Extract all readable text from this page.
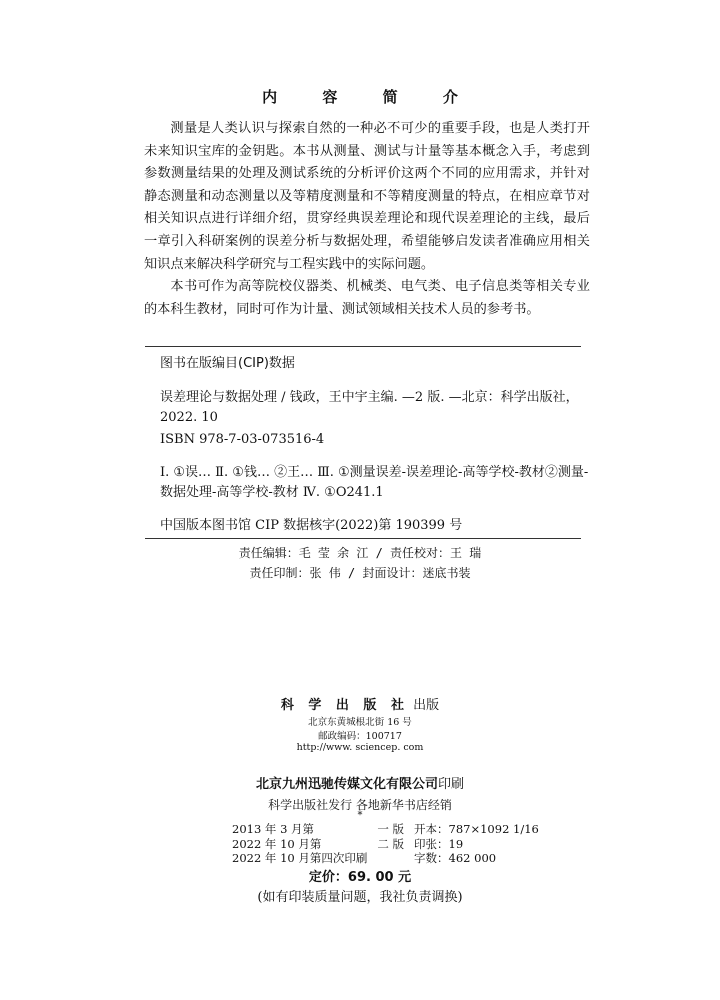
内 容 简 介

测量是人类认识与探索自然的一种必不可少的重要手段，也是人类打开未来知识宝库的金钥匙。本书从测量、测试与计量等基本概念入手，考虑到参数测量结果的处理及测试系统的分析评价这两个不同的应用需求，并针对静态测量和动态测量以及等精度测量和不等精度测量的特点，在相应章节对相关知识点进行详细介绍，贯穿经典误差理论和现代误差理论的主线，最后一章引入科研案例的误差分析与数据处理，希望能够启发读者准确应用相关知识点来解决科学研究与工程实践中的实际问题。

本书可作为高等院校仪器类、机械类、电气类、电子信息类等相关专业的本科生教材，同时可作为计量、测试领域相关技术人员的参考书。

图书在版编目(CIP)数据
误差理论与数据处理 / 钱政，王中宇主编. —2 版. —北京：科学出版社，2022. 10
ISBN 978-7-03-073516-4
Ⅰ. ①误… Ⅱ. ①钱… ②王… Ⅲ. ①测量误差-误差理论-高等学校-教材②测量-数据处理-高等学校-教材 Ⅳ. ①O241.1
中国版本图书馆 CIP 数据核字(2022)第 190399 号
责任编辑：毛 莹 余 江 / 责任校对：王 瑞
责任印制：张 伟 / 封面设计：迷底书装
科 学 出 版 社 出版
北京东黄城根北街 16 号
邮政编码：100717
http://www. sciencep. com
北京九州迅驰传媒文化有限公司印刷
科学出版社发行 各地新华书店经销
*
2013 年 3 月第	一 版	开本：787×1092 1/16
2022 年 10 月第	二 版	印张：19
2022 年 10 月第四次印刷		字数：462 000
定价：69. 00 元
(如有印装质量问题，我社负责调换)
